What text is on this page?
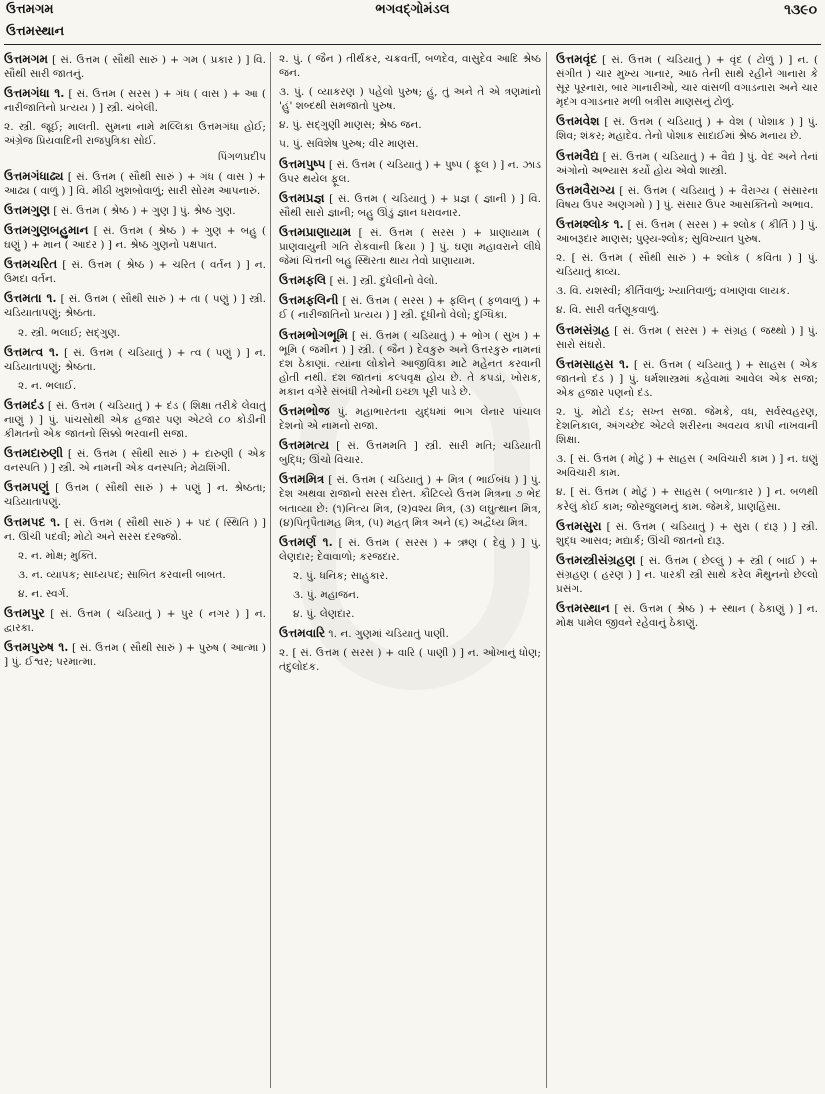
ઉત્તમગમ	ભગવદ્ગોમંડલ	૧૩૯૦
ઉત્તમસ્થાન
ઉત્તમગમ [ સં. ઉત્તમ ( સૌથી સારું ) + ગમ ( પ્રકાર ) ] વિ. સૌથી સારી જાતનું.
ઉત્તમગંધા ૧. [ સં. ઉત્તમ ( સરસ ) + ગંધ ( વાસ ) + આ ( નારીજાતિનો પ્રત્યય ) ] સ્ત્રી. ચંબેલી.
૨. સ્ત્રી. જૂઈ; માલતી. સુમના નામે મલ્લિકા ઉત્તમગંધા હોઈ; અંગ્રેજ પ્રિયવાદિની રાજપુત્રિકા સોઈ.
પિંગળપ્રદીપ
ઉત્તમગંધાઢ્ય [ સં. ઉત્તમ ( સૌથી સારું ) + ગંધ ( વાસ ) + આઢ્ય ( વાળું ) ] વિ. મીઠી ખુશબોવાળું; સારી સોરમ આપનારું.
ઉત્તમગુણ [ સં. ઉત્તમ ( શ્રેષ્ઠ ) + ગુણ ] પું. શ્રેષ્ઠ ગુણ.
ઉત્તમગુણબહુમાન [ સં. ઉત્તમ ( શ્રેષ્ઠ ) + ગુણ + બહુ ( ઘણું ) + માન ( આદર ) ] ન. શ્રેષ્ઠ ગુણનો પક્ષપાત.
ઉત્તમચરિત [ સં. ઉત્તમ ( શ્રેષ્ઠ ) + ચરિત ( વર્તન ) ] ન. ઉમદા વર્તન.
ઉત્તમતા ૧. [ સં. ઉત્તમ ( સૌથી સારું ) + તા ( પણું ) ] સ્ત્રી. ચડિયાતાપણું; શ્રેષ્ઠતા.
૨. સ્ત્રી. ભલાઈ; સદ્ગુણ.
ઉત્તમત્વ ૧. [ સં. ઉત્તમ ( ચડિયાતું ) + ત્વ ( પણું ) ] ન. ચડિયાતાપણું; શ્રેષ્ઠતા.
૨. ન. ભલાઈ.
ઉત્તમદંડ [ સં. ઉત્તમ ( ચડિયાતું ) + દંડ ( શિક્ષા તરીકે લેવાતું નાણું ) ] પું. પાંચસોથી એક હજાર પણ એટલે ૮૦ કોડીની કીમતનો એક જાતનો સિક્કો ભરવાની સજા.
ઉત્તમદારુણી [ સં. ઉત્તમ ( સૌથી સારું ) + દારુણી ( એક વનસ્પતિ ) ] સ્ત્રી. એ નામની એક વનસ્પતિ; મેઢાશિંગી.
ઉત્તમપણું [ ઉત્તમ ( સૌથી સારું ) + પણું ] ન. શ્રેષ્ઠતા; ચડિયાતાપણું.
ઉત્તમપદ ૧. [ સં. ઉત્તમ ( સૌથી સારું ) + પદ ( સ્થિતિ ) ] ન. ઊંચી પદવી; મોટો અને સરસ દરજ્જો.
૨. ન. મોક્ષ; મુક્તિ.
૩. ન. વ્યાપક; સાધ્યપદ; સાબિત કરવાની બાબત.
૪. ન. સ્વર્ગ.
ઉત્તમપુર [ સં. ઉત્તમ ( ચડિયાતું ) + પુર ( નગર ) ] ન. દ્વારકા.
ઉત્તમપુરુષ ૧. [ સં. ઉત્તમ ( સૌથી સારું ) + પુરુષ ( આત્મા ) ] પું. ઈશ્વર; પરમાત્મા.
૨. પું. ( જૈન ) તીર્થંકર, ચક્રવર્તી, બળદેવ, વાસુદેવ આદિ શ્રેષ્ઠ જન.
૩. પું. ( વ્યાકરણ ) પહેલો પુરુષ; હું, તું અને તે એ ત્રણમાંનો 'હું' શબ્દથી સમજાતો પુરુષ.
૪. પું. સદ્ગુણી માણસ; શ્રેષ્ઠ જન.
૫. પું. સવિશેષ પુરુષ; વીર માણસ.
ઉત્તમપુષ્પ [ સં. ઉત્તમ ( ચડિયાતું ) + પુષ્પ ( ફૂલ ) ] ન. ઝાડ ઉપર થયેલ ફૂલ.
ઉત્તમપ્રજ્ઞ [ સં. ઉત્તમ ( ચડિયાતું ) + પ્રજ્ઞ ( જ્ઞાની ) ] વિ. સૌથી સારો જ્ઞાની; બહુ ઊંડું જ્ઞાન ધરાવનાર.
ઉત્તમપ્રાણાયામ [ સં. ઉત્તમ ( સરસ ) + પ્રાણાયામ ( પ્રાણવાયુની ગતિ રોકવાની ક્રિયા ) ] પું. ઘણા મહાવરાને લીધે જેમાં ચિત્તની બહુ સ્થિરતા થાય તેવો પ્રાણાયામ.
ઉત્તમફલિ [ સં. ] સ્ત્રી. દુધેલીનો વેલો.
ઉત્તમફલિની [ સં. ઉત્તમ ( સરસ ) + ફલિન્ ( ફળવાળું ) + ઈ ( નારીજાતિનો પ્રત્યય ) ] સ્ત્રી. દૂધીનો વેલો; દુગ્ધિકા.
ઉત્તમભોગભૂમિ [ સં. ઉત્તમ ( ચડિયાતું ) + ભોગ ( સુખ ) + ભૂમિ ( જમીન ) ] સ્ત્રી. ( જૈન ) દેવકુરુ અને ઉત્તરકુરુ નામનાં દશ ઠેકાણાં. ત્યાંના લોકોને આજીવિકા માટે મહેનત કરવાની હોતી નથી. દશ જાતનાં કલ્પવૃક્ષ હોય છે. તે કપડાં, ખોરાક, મકાન વગેરે સંબંધી તેઓની ઇચ્છા પૂરી પાડે છે.
ઉત્તમભોજ પું. મહાભારતના યુદ્ધમાં ભાગ લેનાર પાંચાલ દેશનો એ નામનો રાજા.
ઉત્તમમત્ય [ સં. ઉત્તમમતિ ] સ્ત્રી. સારી મતિ; ચડિયાતી બુદ્ધિ; ઊંચો વિચાર.
ઉત્તમમિત્ર [ સં. ઉત્તમ ( ચડિયાતું ) + મિત્ર ( ભાઈબંધ ) ] પું. દેશ અથવા રાજાનો સરસ દોસ્ત. કૌટિલ્યે ઉત્તમ મિત્રના ૭ ભેદ બતાવ્યા છે: (૧)નિત્ય મિત્ર, (૨)વશ્ય મિત્ર, (૩) લઘુત્થાન મિત્ર, (૪)પિતૃપૈતામહ મિત્ર, (૫) મહત્ મિત્ર અને (૬) અદ્વૈધ્ય મિત્ર.
ઉત્તમર્ણ ૧. [ સં. ઉત્તમ ( સરસ ) + ઋણ ( દેવું ) ] પું. લેણદાર; દેવાવાળો; કરજદાર.
૨. પું. ધનિક; સાહુકાર.
૩. પું. મહાજન.
૪. પું. લેણદાર.
ઉત્તમવારિ ૧. ન. ગુણમાં ચડિયાતું પાણી.
૨. [ સં. ઉત્તમ ( સરસ ) + વારિ ( પાણી ) ] ન. ઓખાનું ધોણ; તંદુલોદક.
ઉત્તમવૃંદ [ સં. ઉત્તમ ( ચડિયાતું ) + વૃંદ ( ટોળું ) ] ન. ( સંગીત ) ચાર મુખ્ય ગાનાર, આઠ તેની સાથે રહીને ગાનારા કે સૂર પૂરનારા, બાર ગાનારીઓ, ચાર વાંસળી વગાડનારા અને ચાર મૃદંગ વગાડનાર મળી બત્રીસ માણસનું ટોળું.
ઉત્તમવેશ [ સં. ઉત્તમ ( ચડિયાતું ) + વેશ ( પોશાક ) ] પું. શિવ; શંકર; મહાદેવ. તેનો પોશાક સાદાઈમાં શ્રેષ્ઠ મનાય છે.
ઉત્તમવૈદ્ય [ સં. ઉત્તમ ( ચડિયાતું ) + વૈદ્ય ] પું. વેદ અને તેનાં અંગોનો અભ્યાસ કર્યો હોય એવો શાસ્ત્રી.
ઉત્તમવૈરાગ્ય [ સં. ઉત્તમ ( ચડિયાતું ) + વૈરાગ્ય ( સંસારના વિષય ઉપર અણગમો ) ] પું. સંસાર ઉપર આસક્તિનો અભાવ.
ઉત્તમશ્લોક ૧. [ સં. ઉત્તમ ( સરસ ) + શ્લોક ( કીર્તિ ) ] પું. આબરૂદાર માણસ; પુણ્ય-શ્લોક; સુવિખ્યાત પુરુષ.
૨. [ સં. ઉત્તમ ( સૌથી સારું ) + શ્લોક ( કવિતા ) ] પું. ચડિયાતું કાવ્ય.
૩. વિ. યશસ્વી; કીર્તિવાળું; ખ્યાતિવાળું; વખાણવા લાયક.
૪. વિ. સારી વર્તણૂકવાળું.
ઉત્તમસંગ્રહ [ સં. ઉત્તમ ( સરસ ) + સંગ્રહ ( જથ્થો ) ] પું. સારો સંઘરો.
ઉત્તમસાહસ ૧. [ સં. ઉત્તમ ( ચડિયાતું ) + સાહસ ( એક જાતનો દંડ ) ] પું. ધર્મશાસ્ત્રમાં કહેવામાં આવેલ એક સજા; એક હજાર પણનો દંડ.
૨. પું. મોટો દંડ; સખ્ત સજા. જેમકે, વધ, સર્વસ્વહરણ, દેશનિકાલ, અંગચ્છેદ એટલે શરીરના અવયવ કાપી નાખવાની શિક્ષા.
૩. [ સં. ઉત્તમ ( મોટું ) + સાહસ ( અવિચારી કામ ) ] ન. ઘણું અવિચારી કામ.
૪. [ સં. ઉત્તમ ( મોટું ) + સાહસ ( બળાત્કાર ) ] ન. બળથી કરેલું કોઈ કામ; જોરજુલમનું કામ. જેમકે, પ્રાણહિંસા.
ઉત્તમસુરા [ સં. ઉત્તમ ( ચડિયાતું ) + સુરા ( દારૂ ) ] સ્ત્રી. શુદ્ધ આસવ; મદ્યાર્ક; ઊંચી જાતનો દારૂ.
ઉત્તમસ્ત્રીસંગ્રહણ [ સં. ઉત્તમ ( છેલ્લું ) + સ્ત્રી ( બાઈ ) + સંગ્રહણ ( હરણ ) ] ન. પારકી સ્ત્રી સાથે કરેલ મૈથુનનો છેલ્લો પ્રસંગ.
ઉત્તમસ્થાન [ સં. ઉત્તમ ( શ્રેષ્ઠ ) + સ્થાન ( ઠેકાણું ) ] ન. મોક્ષ પામેલ જીવને રહેવાનું ઠેકાણું.
